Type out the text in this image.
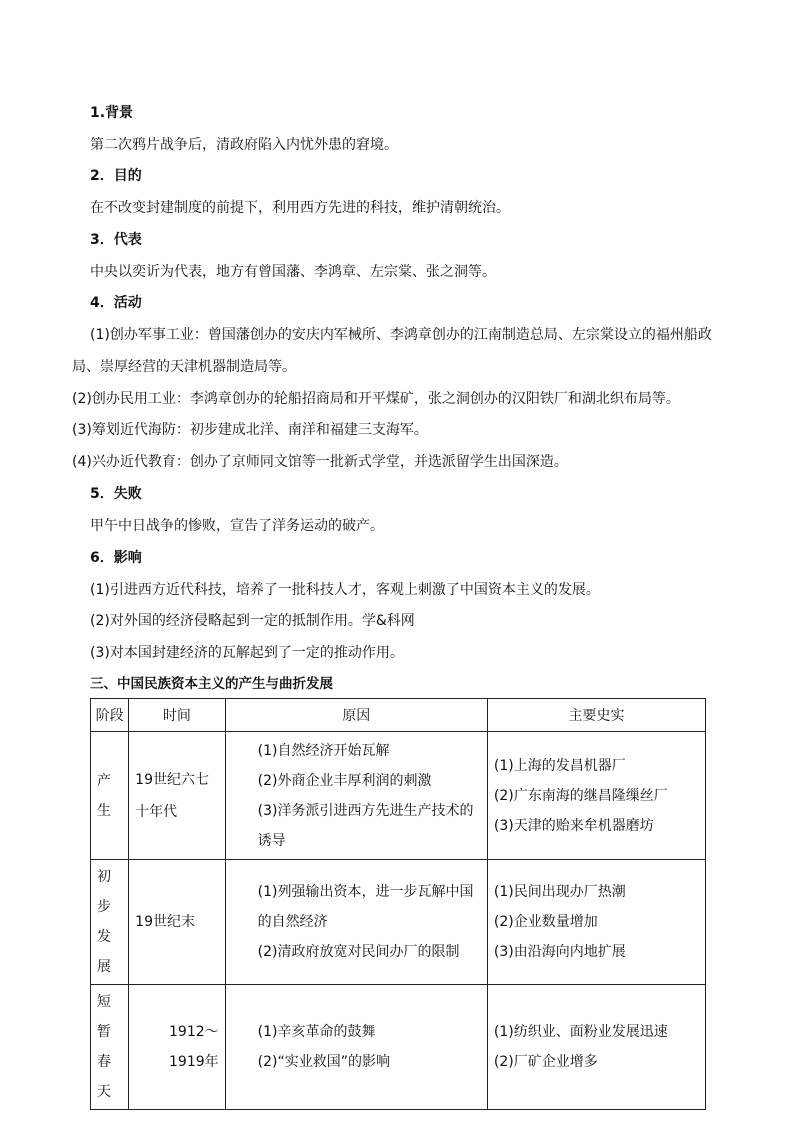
1.背景
第二次鸦片战争后，清政府陷入内忧外患的窘境。
2．目的
在不改变封建制度的前提下，利用西方先进的科技，维护清朝统治。
3．代表
中央以奕䜣为代表，地方有曾国藩、李鸿章、左宗棠、张之洞等。
4．活动
(1)创办军事工业：曾国藩创办的安庆内军械所、李鸿章创办的江南制造总局、左宗棠设立的福州船政局、崇厚经营的天津机器制造局等。
(2)创办民用工业：李鸿章创办的轮船招商局和开平煤矿，张之洞创办的汉阳铁厂和湖北织布局等。
(3)筹划近代海防：初步建成北洋、南洋和福建三支海军。
(4)兴办近代教育：创办了京师同文馆等一批新式学堂，并选派留学生出国深造。
5．失败
甲午中日战争的惨败，宣告了洋务运动的破产。
6．影响
(1)引进西方近代科技，培养了一批科技人才，客观上刺激了中国资本主义的发展。
(2)对外国的经济侵略起到一定的抵制作用。学&科网
(3)对本国封建经济的瓦解起到了一定的推动作用。
三、中国民族资本主义的产生与曲折发展
阶段	时间	原因	主要史实
产生	19世纪六七十年代	(1)自然经济开始瓦解
(2)外商企业丰厚利润的刺激
(3)洋务派引进西方先进生产技术的诱导	(1)上海的发昌机器厂
(2)广东南海的继昌隆缫丝厂
(3)天津的贻来牟机器磨坊

初步发展	19世纪末	(1)列强输出资本，进一步瓦解中国的自然经济
(2)清政府放宽对民间办厂的限制	(1)民间出现办厂热潮
(2)企业数量增加
(3)由沿海向内地扩展

短暂春天	1912～1919年	(1)辛亥革命的鼓舞
(2)“实业救国”的影响	(1)纺织业、面粉业发展迅速
(2)厂矿企业增多
